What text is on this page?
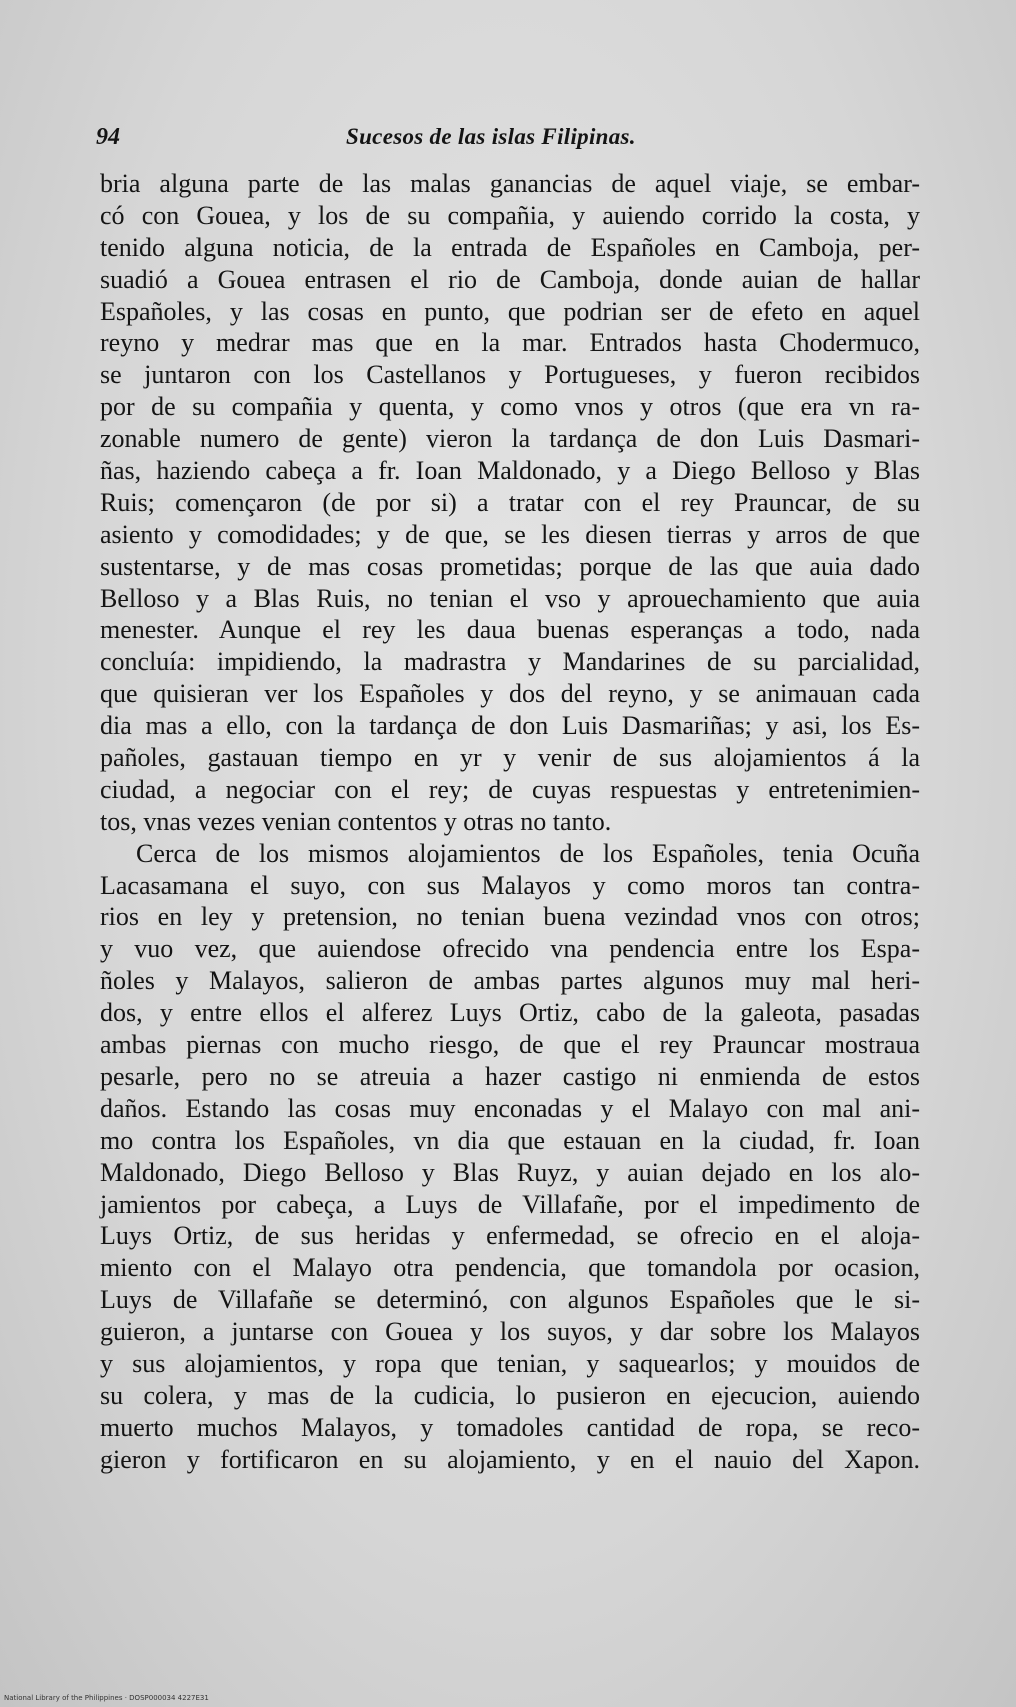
94	Sucesos de las islas Filipinas.
bria alguna parte de las malas ganancias de aquel viaje, se embar-
có con Gouea, y los de su compañia, y auiendo corrido la costa, y
tenido alguna noticia, de la entrada de Españoles en Camboja, per-
suadió a Gouea entrasen el rio de Camboja, donde auian de hallar
Españoles, y las cosas en punto, que podrian ser de efeto en aquel
reyno y medrar mas que en la mar. Entrados hasta Chodermuco,
se juntaron con los Castellanos y Portugueses, y fueron recibidos
por de su compañia y quenta, y como vnos y otros (que era vn ra-
zonable numero de gente) vieron la tardança de don Luis Dasmari-
ñas, haziendo cabeça a fr. Ioan Maldonado, y a Diego Belloso y Blas
Ruis; començaron (de por si) a tratar con el rey Prauncar, de su
asiento y comodidades; y de que, se les diesen tierras y arros de que
sustentarse, y de mas cosas prometidas; porque de las que auia dado
Belloso y a Blas Ruis, no tenian el vso y aprouechamiento que auia
menester. Aunque el rey les daua buenas esperanças a todo, nada
concluía: impidiendo, la madrastra y Mandarines de su parcialidad,
que quisieran ver los Españoles y dos del reyno, y se animauan cada
dia mas a ello, con la tardança de don Luis Dasmariñas; y asi, los Es-
pañoles, gastauan tiempo en yr y venir de sus alojamientos á la
ciudad, a negociar con el rey; de cuyas respuestas y entretenimien-
tos, vnas vezes venian contentos y otras no tanto.
Cerca de los mismos alojamientos de los Españoles, tenia Ocuña
Lacasamana el suyo, con sus Malayos y como moros tan contra-
rios en ley y pretension, no tenian buena vezindad vnos con otros;
y vuo vez, que auiendose ofrecido vna pendencia entre los Espa-
ñoles y Malayos, salieron de ambas partes algunos muy mal heri-
dos, y entre ellos el alferez Luys Ortiz, cabo de la galeota, pasadas
ambas piernas con mucho riesgo, de que el rey Prauncar mostraua
pesarle, pero no se atreuia a hazer castigo ni enmienda de estos
daños. Estando las cosas muy enconadas y el Malayo con mal ani-
mo contra los Españoles, vn dia que estauan en la ciudad, fr. Ioan
Maldonado, Diego Belloso y Blas Ruyz, y auian dejado en los alo-
jamientos por cabeça, a Luys de Villafañe, por el impedimento de
Luys Ortiz, de sus heridas y enfermedad, se ofrecio en el aloja-
miento con el Malayo otra pendencia, que tomandola por ocasion,
Luys de Villafañe se determinó, con algunos Españoles que le si-
guieron, a juntarse con Gouea y los suyos, y dar sobre los Malayos
y sus alojamientos, y ropa que tenian, y saquearlos; y mouidos de
su colera, y mas de la cudicia, lo pusieron en ejecucion, auiendo
muerto muchos Malayos, y tomadoles cantidad de ropa, se reco-
gieron y fortificaron en su alojamiento, y en el nauio del Xapon.
National Library of the Philippines · DOSP000034 4227E31
